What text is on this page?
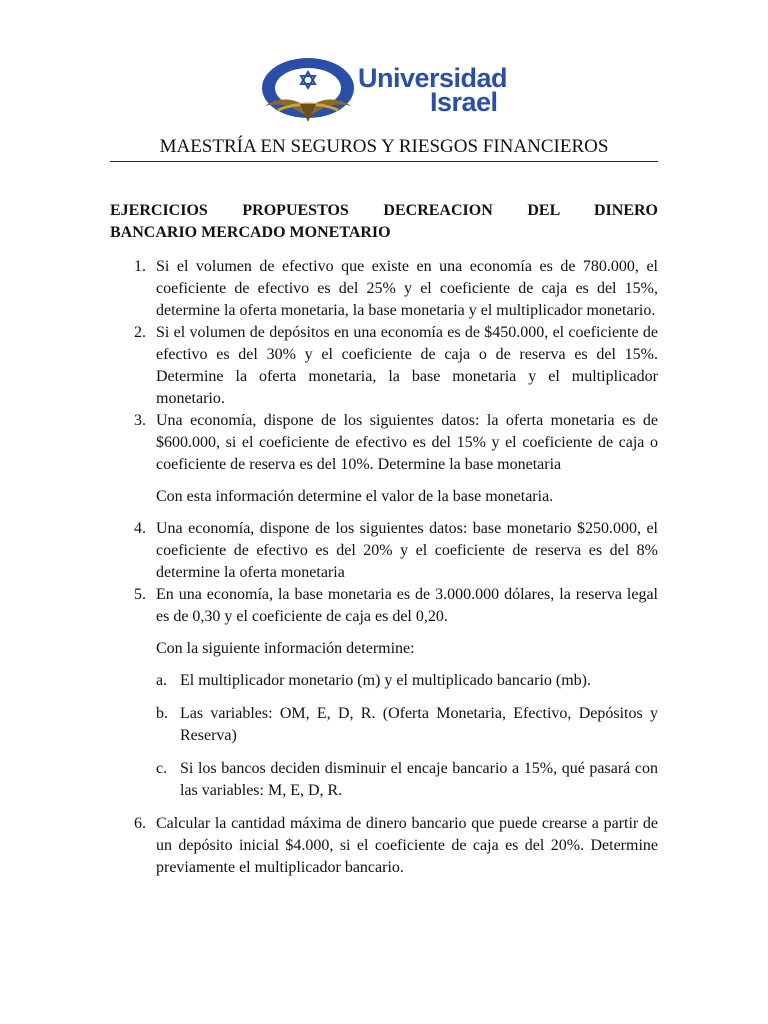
Universidad
Israel
MAESTRÍA EN SEGUROS Y RIESGOS FINANCIEROS
EJERCICIOS PROPUESTOS DECREACION DEL DINERO
BANCARIO MERCADO MONETARIO
1. Si el volumen de efectivo que existe en una economía es de 780.000, el coeficiente de efectivo es del 25% y el coeficiente de caja es del 15%, determine la oferta monetaria, la base monetaria y el multiplicador monetario.
2. Si el volumen de depósitos en una economía es de $450.000, el coeficiente de efectivo es del 30% y el coeficiente de caja o de reserva es del 15%. Determine la oferta monetaria, la base monetaria y el multiplicador monetario.
3. Una economía, dispone de los siguientes datos: la oferta monetaria es de $600.000, si el coeficiente de efectivo es del 15% y el coeficiente de caja o coeficiente de reserva es del 10%. Determine la base monetaria
Con esta información determine el valor de la base monetaria.
4. Una economía, dispone de los siguientes datos: base monetario $250.000, el coeficiente de efectivo es del 20% y el coeficiente de reserva es del 8% determine la oferta monetaria
5. En una economía, la base monetaria es de 3.000.000 dólares, la reserva legal es de 0,30 y el coeficiente de caja es del 0,20.
Con la siguiente información determine:
a. El multiplicador monetario (m) y el multiplicado bancario (mb).
b. Las variables: OM, E, D, R. (Oferta Monetaria, Efectivo, Depósitos y Reserva)
c. Si los bancos deciden disminuir el encaje bancario a 15%, qué pasará con las variables: M, E, D, R.
6. Calcular la cantidad máxima de dinero bancario que puede crearse a partir de un depósito inicial $4.000, si el coeficiente de caja es del 20%. Determine previamente el multiplicador bancario.
